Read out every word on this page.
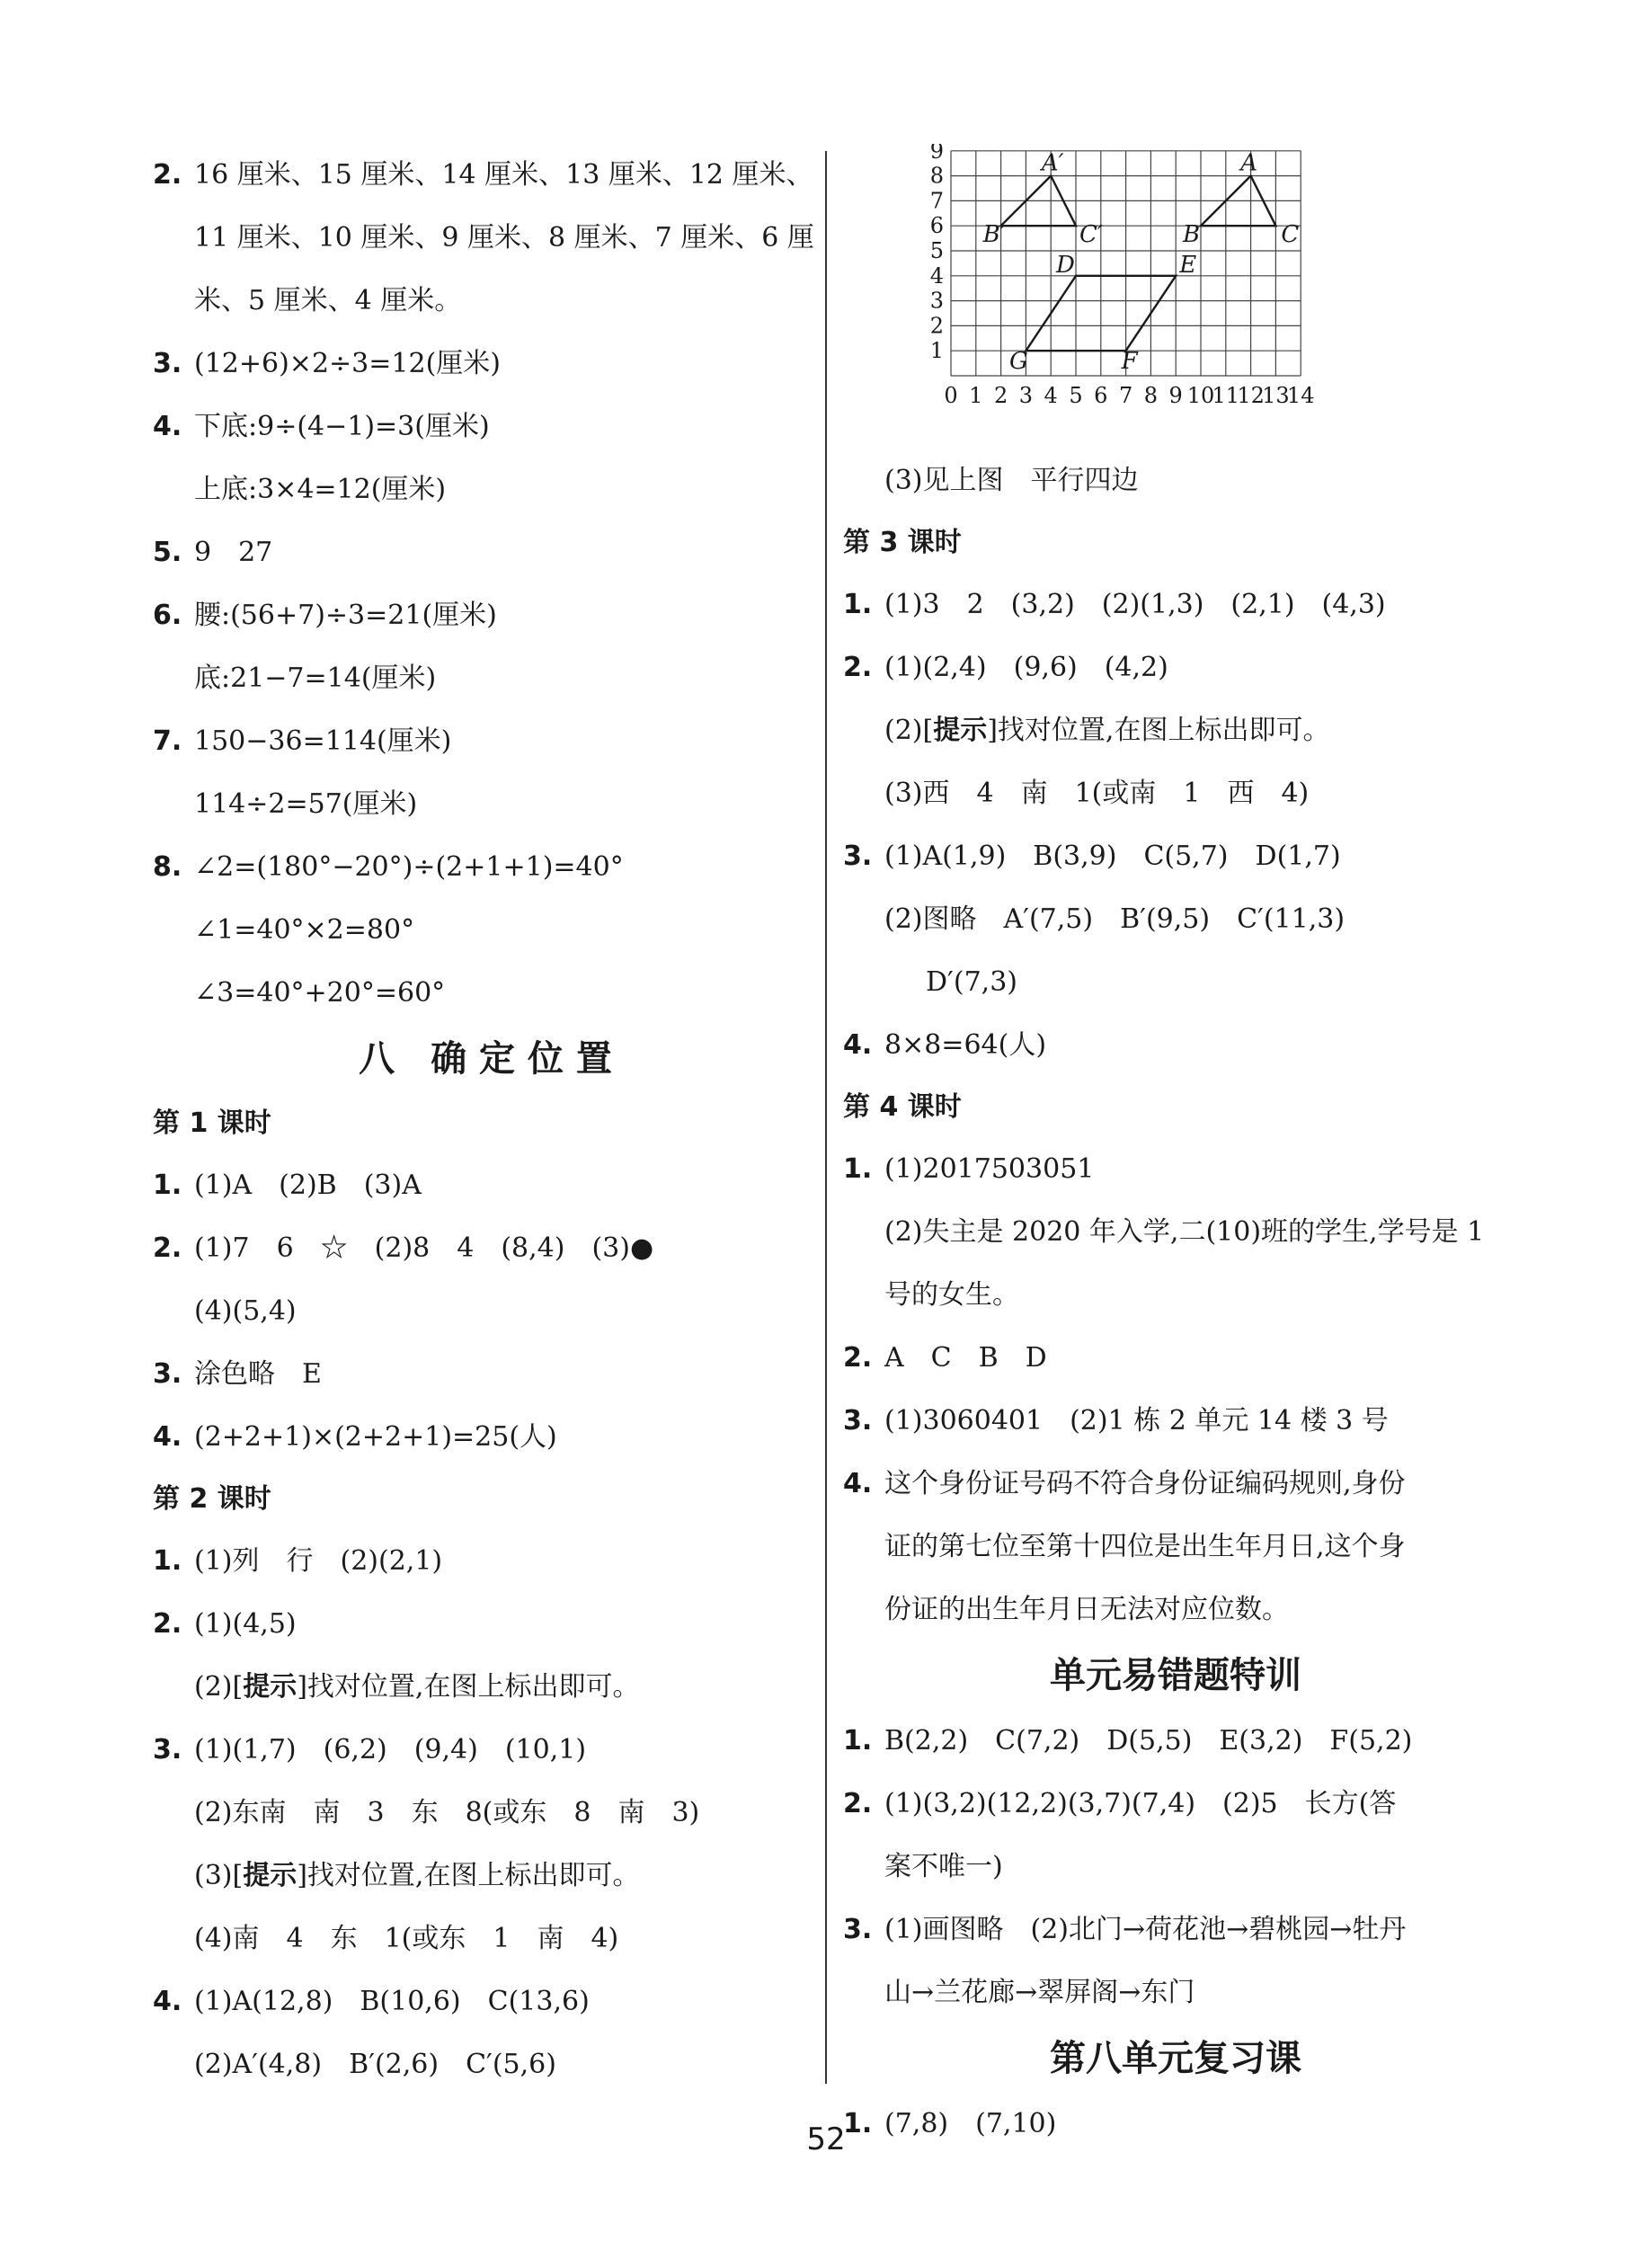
2. 16 厘米、15 厘米、14 厘米、13 厘米、12 厘米、
11 厘米、10 厘米、9 厘米、8 厘米、7 厘米、6 厘
米、5 厘米、4 厘米。
3. (12+6)×2÷3=12(厘米)
4. 下底:9÷(4−1)=3(厘米)
上底:3×4=12(厘米)
5. 9　27
6. 腰:(56+7)÷3=21(厘米)
底:21−7=14(厘米)
7. 150−36=114(厘米)
114÷2=57(厘米)
8. ∠2=(180°−20°)÷(2+1+1)=40°
∠1=40°×2=80°
∠3=40°+20°=60°
八　确 定 位 置
第 1 课时
1. (1)A　(2)B　(3)A
2. (1)7　6　☆　(2)8　4　(8,4)　(3)●
(4)(5,4)
3. 涂色略　E
4. (2+2+1)×(2+2+1)=25(人)
第 2 课时
1. (1)列　行　(2)(2,1)
2. (1)(4,5)
(2)[提示]找对位置,在图上标出即可。
3. (1)(1,7)　(6,2)　(9,4)　(10,1)
(2)东南　南　3　东　8(或东　8　南　3)
(3)[提示]找对位置,在图上标出即可。
(4)南　4　东　1(或东　1　南　4)
4. (1)A(12,8)　B(10,6)　C(13,6)
(2)A′(4,8)　B′(2,6)　C′(5,6)
0 1 2 3 4 5 6 7 8 9 10
11
12
13
14
1
2
3
4
5
6
7
8
9	A′
B′	C′
A
B	C
D	E
G	F
(3)见上图　平行四边
第 3 课时
1. (1)3　2　(3,2)　(2)(1,3)　(2,1)　(4,3)
2. (1)(2,4)　(9,6)　(4,2)
(2)[提示]找对位置,在图上标出即可。
(3)西　4　南　1(或南　1　西　4)
3. (1)A(1,9)　B(3,9)　C(5,7)　D(1,7)
(2)图略　A′(7,5)　B′(9,5)　C′(11,3)
D′(7,3)
4. 8×8=64(人)
第 4 课时
1. (1)2017503051
(2)失主是 2020 年入学,二(10)班的学生,学号是 1
号的女生。
2. A　C　B　D
3. (1)3060401　(2)1 栋 2 单元 14 楼 3 号
4. 这个身份证号码不符合身份证编码规则,身份
证的第七位至第十四位是出生年月日,这个身
份证的出生年月日无法对应位数。
单元易错题特训
1. B(2,2)　C(7,2)　D(5,5)　E(3,2)　F(5,2)
2. (1)(3,2)(12,2)(3,7)(7,4)　(2)5　长方(答
案不唯一)
3. (1)画图略　(2)北门→荷花池→碧桃园→牡丹
山→兰花廊→翠屏阁→东门
第八单元复习课
1. (7,8)　(7,10)
52
